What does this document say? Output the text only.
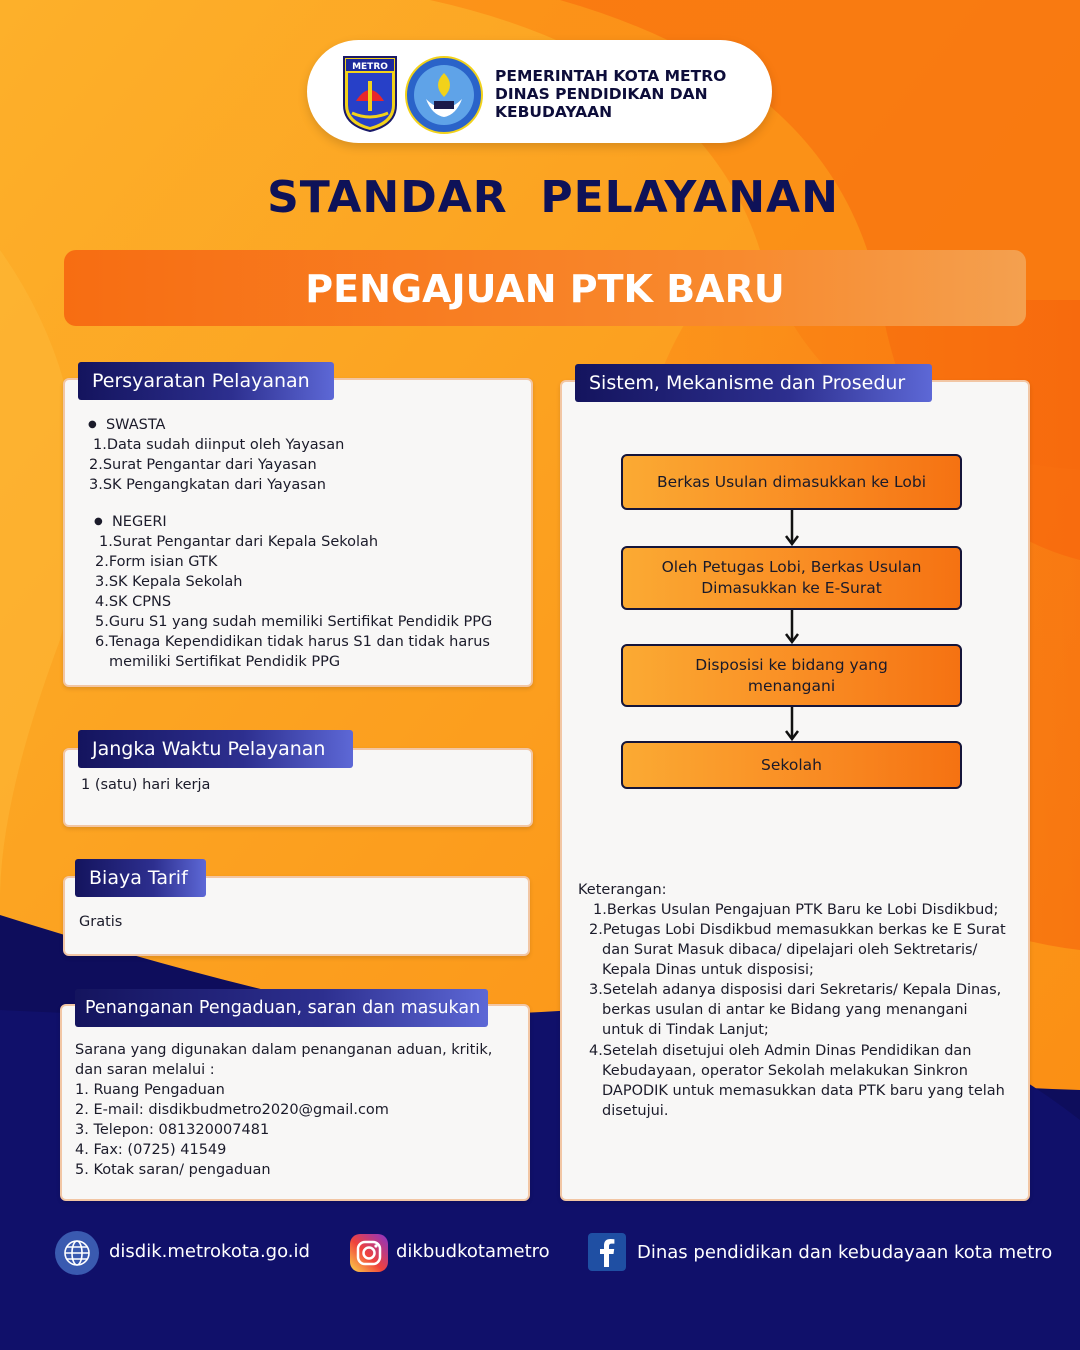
METRO	PEMERINTAH KOTA METRO
DINAS PENDIDIKAN DAN
KEBUDAYAAN
STANDAR  PELAYANAN
PENGAJUAN PTK BARU
Persyaratan Pelayanan
● SWASTA
1.Data sudah diinput oleh Yayasan
2.Surat Pengantar dari Yayasan
3.SK Pengangkatan dari Yayasan
● NEGERI
1.Surat Pengantar dari Kepala Sekolah
2.Form isian GTK
3.SK Kepala Sekolah
4.SK CPNS
5.Guru S1 yang sudah memiliki Sertifikat Pendidik PPG
6.Tenaga Kependidikan tidak harus S1 dan tidak harus
memiliki Sertifikat Pendidik PPG
Jangka Waktu Pelayanan
1 (satu) hari kerja
Biaya Tarif
Gratis
Penanganan Pengaduan, saran dan masukan
Sarana yang digunakan dalam penanganan aduan, kritik,
dan saran melalui :
1. Ruang Pengaduan
2. E-mail: disdikbudmetro2020@gmail.com
3. Telepon: 081320007481
4. Fax: (0725) 41549
5. Kotak saran/ pengaduan
Sistem, Mekanisme dan Prosedur
Berkas Usulan dimasukkan ke Lobi
Oleh Petugas Lobi, Berkas Usulan
Dimasukkan ke E-Surat
Disposisi ke bidang yang
menangani
Sekolah
Keterangan:
1.Berkas Usulan Pengajuan PTK Baru ke Lobi Disdikbud;
2.Petugas Lobi Disdikbud memasukkan berkas ke E Surat
dan Surat Masuk dibaca/ dipelajari oleh Sektretaris/
Kepala Dinas untuk disposisi;
3.Setelah adanya disposisi dari Sekretaris/ Kepala Dinas,
berkas usulan di antar ke Bidang yang menangani
untuk di Tindak Lanjut;
4.Setelah disetujui oleh Admin Dinas Pendidikan dan
Kebudayaan, operator Sekolah melakukan Sinkron
DAPODIK untuk memasukkan data PTK baru yang telah
disetujui.
disdik.metrokota.go.id	dikbudkotametro	Dinas pendidikan dan kebudayaan kota metro
